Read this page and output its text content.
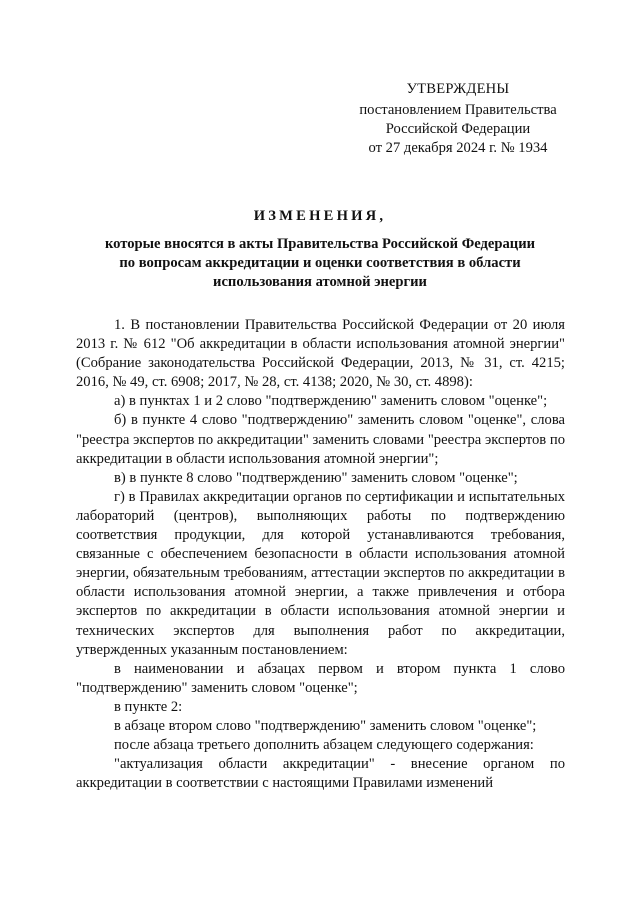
УТВЕРЖДЕНЫ
постановлением Правительства
Российской Федерации
от 27 декабря 2024 г. № 1934
ИЗМЕНЕНИЯ,
которые вносятся в акты Правительства Российской Федерации
по вопросам аккредитации и оценки соответствия в области
использования атомной энергии

1. В постановлении Правительства Российской Федерации от 20 июля 2013 г. № 612 "Об аккредитации в области использования атомной энергии" (Собрание законодательства Российской Федерации, 2013, № 31, ст. 4215; 2016, № 49, ст. 6908; 2017, № 28, ст. 4138; 2020, № 30, ст. 4898):

а) в пунктах 1 и 2 слово "подтверждению" заменить словом "оценке";

б) в пункте 4 слово "подтверждению" заменить словом "оценке", слова "реестра экспертов по аккредитации" заменить словами "реестра экспертов по аккредитации в области использования атомной энергии";

в) в пункте 8 слово "подтверждению" заменить словом "оценке";

г) в Правилах аккредитации органов по сертификации и испытательных лабораторий (центров), выполняющих работы по подтверждению соответствия продукции, для которой устанавливаются требования, связанные с обеспечением безопасности в области использования атомной энергии, обязательным требованиям, аттестации экспертов по аккредитации в области использования атомной энергии, а также привлечения и отбора экспертов по аккредитации в области использования атомной энергии и технических экспертов для выполнения работ по аккредитации, утвержденных указанным постановлением:

в наименовании и абзацах первом и втором пункта 1 слово "подтверждению" заменить словом "оценке";

в пункте 2:

в абзаце втором слово "подтверждению" заменить словом "оценке";

после абзаца третьего дополнить абзацем следующего содержания:

"актуализация области аккредитации" - внесение органом по аккредитации в соответствии с настоящими Правилами изменений
